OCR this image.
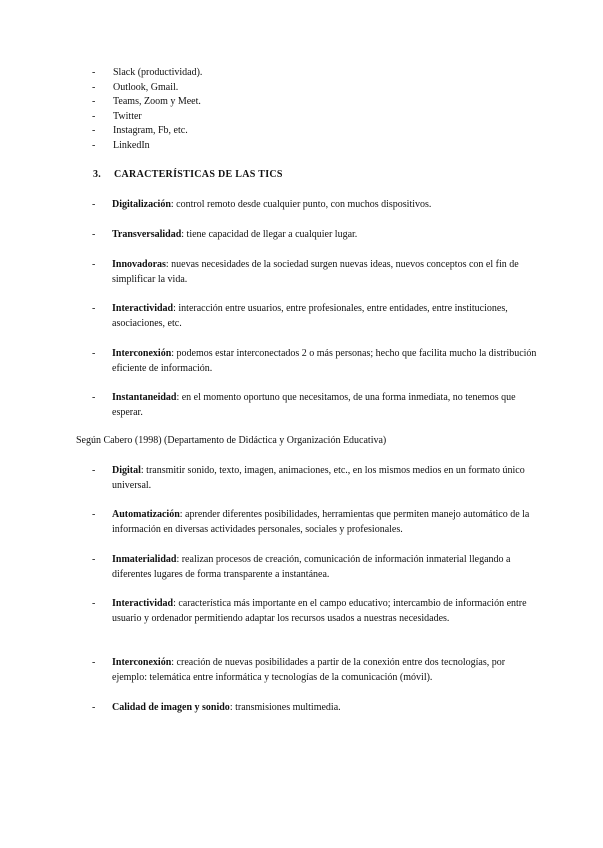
-	Slack (productividad).
-	Outlook, Gmail.
-	Teams, Zoom y Meet.
-	Twitter
-	Instagram, Fb, etc.
-	LinkedIn
3. CARACTERÍSTICAS DE LAS TICS
- Digitalización: control remoto desde cualquier punto, con muchos dispositivos.
- Transversalidad: tiene capacidad de llegar a cualquier lugar.
- Innovadoras: nuevas necesidades de la sociedad surgen nuevas ideas, nuevos conceptos con el fin de simplificar la vida.
- Interactividad: interacción entre usuarios, entre profesionales, entre entidades, entre instituciones, asociaciones, etc.
- Interconexión: podemos estar interconectados 2 o más personas; hecho que facilita mucho la distribución eficiente de información.
- Instantaneidad: en el momento oportuno que necesitamos, de una forma inmediata, no tenemos que esperar.
Según Cabero (1998) (Departamento de Didáctica y Organización Educativa)
- Digital: transmitir sonido, texto, imagen, animaciones, etc., en los mismos medios en un formato único universal.
- Automatización: aprender diferentes posibilidades, herramientas que permiten manejo automático de la información en diversas actividades personales, sociales y profesionales.
- Inmaterialidad: realizan procesos de creación, comunicación de información inmaterial llegando a diferentes lugares de forma transparente a instantánea.
- Interactividad: característica más importante en el campo educativo; intercambio de información entre usuario y ordenador permitiendo adaptar los recursos usados a nuestras necesidades.
- Interconexión: creación de nuevas posibilidades a partir de la conexión entre dos tecnologías, por ejemplo: telemática entre informática y tecnologías de la comunicación (móvil).
- Calidad de imagen y sonido: transmisiones multimedia.
